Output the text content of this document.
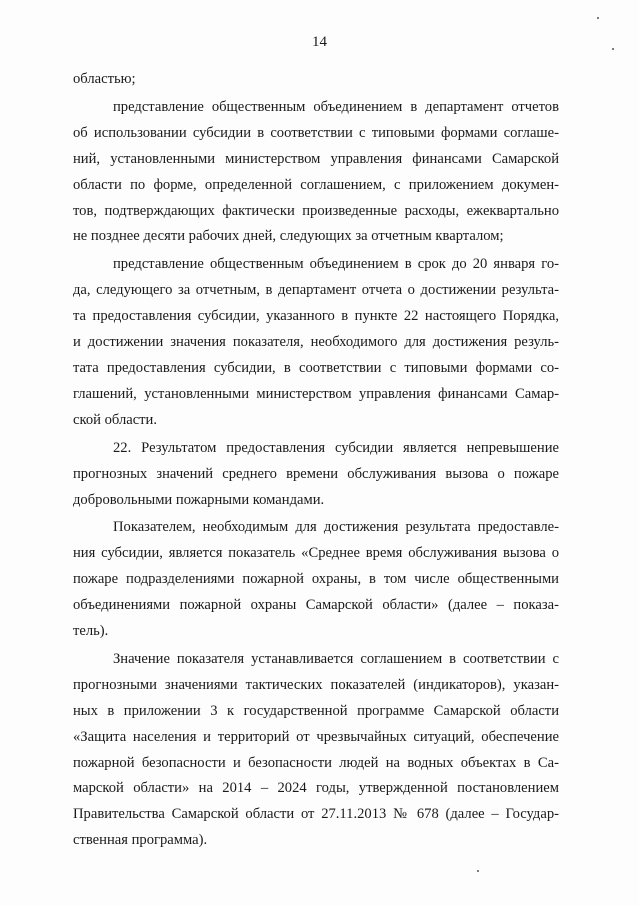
14

областью;

представление общественным объединением в департамент отчетов

об использовании субсидии в соответствии с типовыми формами соглаше-

ний, установленными министерством управления финансами Самарской

области по форме, определенной соглашением, с приложением докумен-

тов, подтверждающих фактически произведенные расходы, ежеквартально

не позднее десяти рабочих дней, следующих за отчетным кварталом;

представление общественным объединением в срок до 20 января го-

да, следующего за отчетным, в департамент отчета о достижении результа-

та предоставления субсидии, указанного в пункте 22 настоящего Порядка,

и достижении значения показателя, необходимого для достижения резуль-

тата предоставления субсидии, в соответствии с типовыми формами со-

глашений, установленными министерством управления финансами Самар-

ской области.

22. Результатом предоставления субсидии является непревышение

прогнозных значений среднего времени обслуживания вызова о пожаре

добровольными пожарными командами.

Показателем, необходимым для достижения результата предоставле-

ния субсидии, является показатель «Среднее время обслуживания вызова о

пожаре подразделениями пожарной охраны, в том числе общественными

объединениями пожарной охраны Самарской области» (далее – показа-

тель).

Значение показателя устанавливается соглашением в соответствии с

прогнозными значениями тактических показателей (индикаторов), указан-

ных в приложении 3 к государственной программе Самарской области

«Защита населения и территорий от чрезвычайных ситуаций, обеспечение

пожарной безопасности и безопасности людей на водных объектах в Са-

марской области» на 2014 – 2024 годы, утвержденной постановлением

Правительства Самарской области от 27.11.2013 № 678 (далее – Государ-

ственная программа).
